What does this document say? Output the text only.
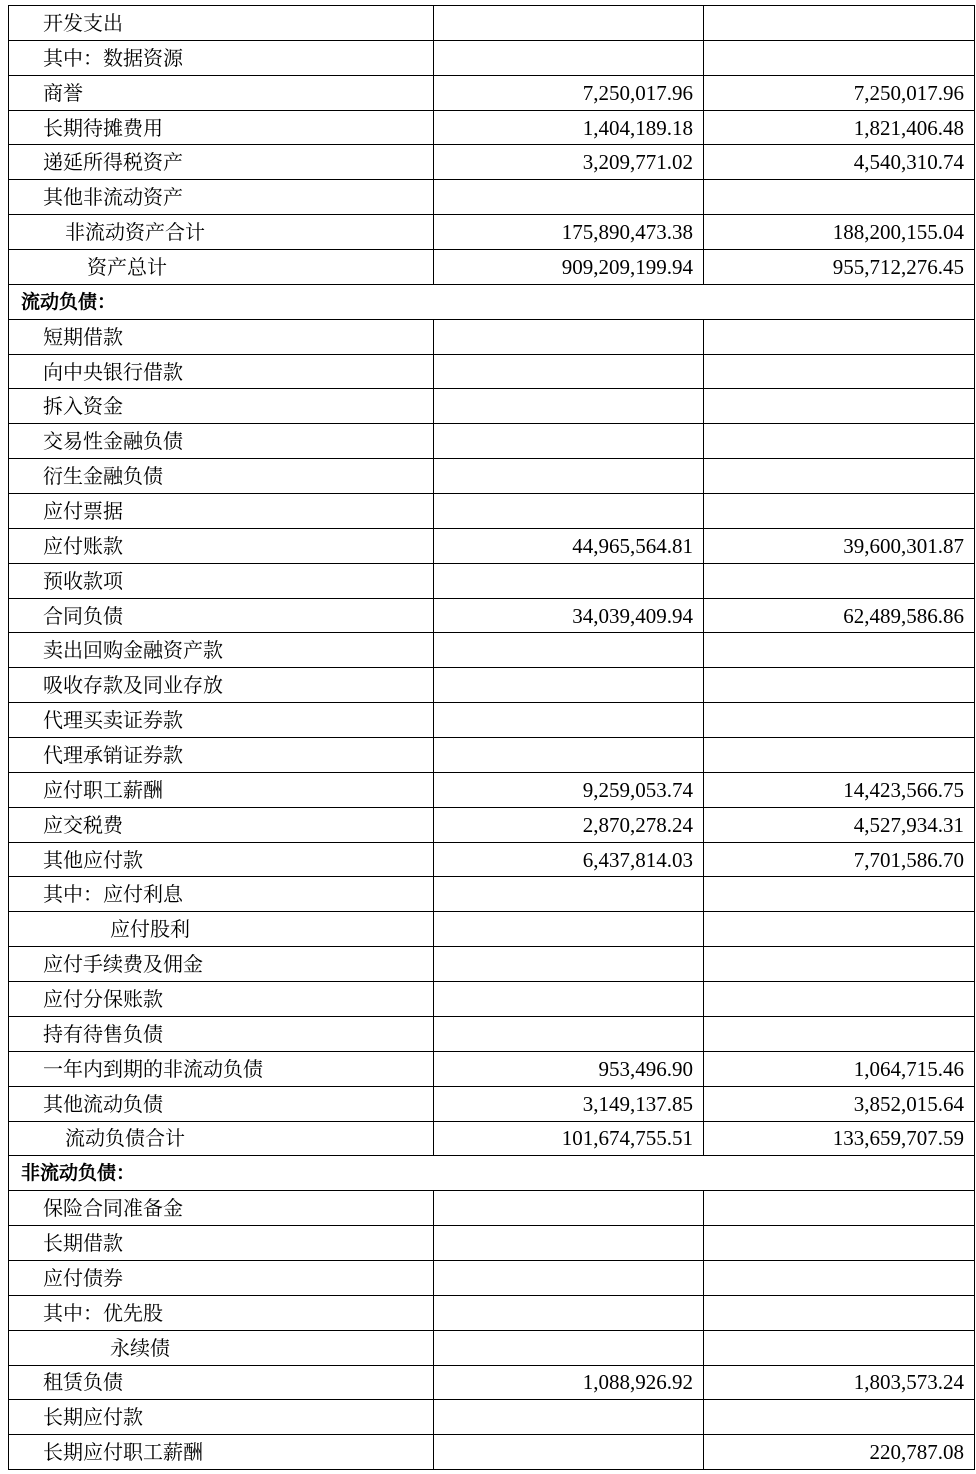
开发支出		
其中：数据资源		
商誉	7,250,017.96	7,250,017.96
长期待摊费用	1,404,189.18	1,821,406.48
递延所得税资产	3,209,771.02	4,540,310.74
其他非流动资产		
非流动资产合计	175,890,473.38	188,200,155.04
资产总计	909,209,199.94	955,712,276.45
流动负债：		
短期借款		
向中央银行借款		
拆入资金		
交易性金融负债		
衍生金融负债		
应付票据		
应付账款	44,965,564.81	39,600,301.87
预收款项		
合同负债	34,039,409.94	62,489,586.86
卖出回购金融资产款		
吸收存款及同业存放		
代理买卖证券款		
代理承销证券款		
应付职工薪酬	9,259,053.74	14,423,566.75
应交税费	2,870,278.24	4,527,934.31
其他应付款	6,437,814.03	7,701,586.70
其中：应付利息		
应付股利		
应付手续费及佣金		
应付分保账款		
持有待售负债		
一年内到期的非流动负债	953,496.90	1,064,715.46
其他流动负债	3,149,137.85	3,852,015.64
流动负债合计	101,674,755.51	133,659,707.59
非流动负债：		
保险合同准备金		
长期借款		
应付债券		
其中：优先股		
永续债		
租赁负债	1,088,926.92	1,803,573.24
长期应付款		
长期应付职工薪酬		220,787.08
